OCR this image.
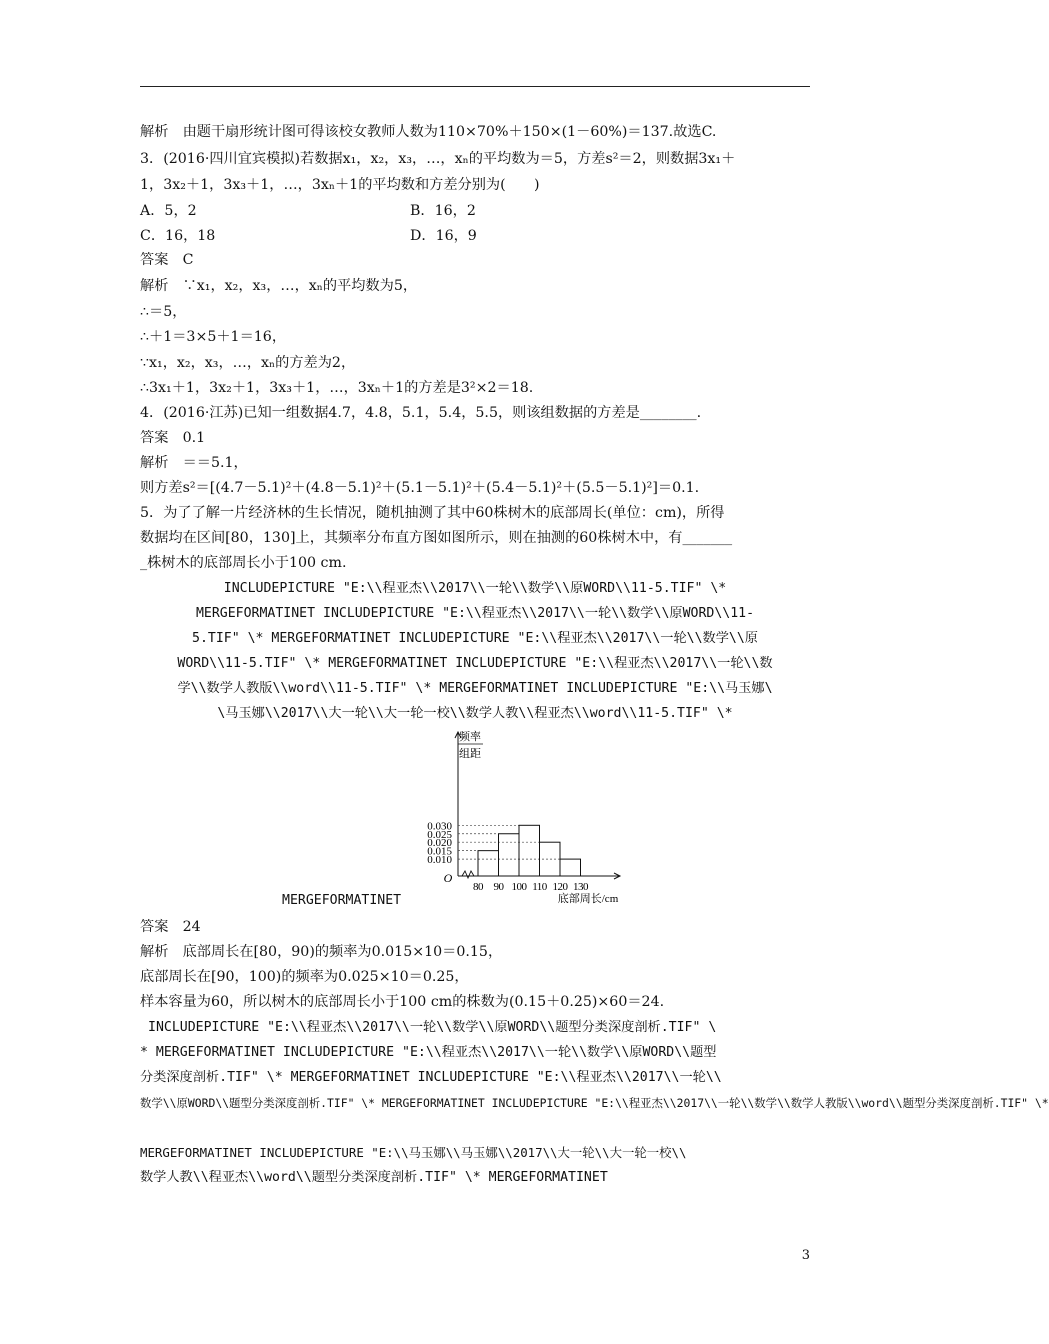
解析　由题干扇形统计图可得该校女教师人数为110×70%＋150×(1－60%)＝137.故选C.
3．(2016·四川宜宾模拟)若数据x₁，x₂，x₃，…，xₙ的平均数为＝5，方差s²＝2，则数据3x₁＋
1，3x₂＋1，3x₃＋1，…，3xₙ＋1的平均数和方差分别为(　　)
A．5，2	B．16，2
C．16，18	D．16，9
答案　C
解析　∵x₁，x₂，x₃，…，xₙ的平均数为5，
∴＝5，
∴＋1＝3×5＋1＝16，
∵x₁，x₂，x₃，…，xₙ的方差为2，
∴3x₁＋1，3x₂＋1，3x₃＋1，…，3xₙ＋1的方差是3²×2＝18.
4．(2016·江苏)已知一组数据4.7，4.8，5.1，5.4，5.5，则该组数据的方差是________.
答案　0.1
解析　＝＝5.1，
则方差s²＝[(4.7－5.1)²＋(4.8－5.1)²＋(5.1－5.1)²＋(5.4－5.1)²＋(5.5－5.1)²]＝0.1.
5．为了了解一片经济林的生长情况，随机抽测了其中60株树木的底部周长(单位：cm)，所得
数据均在区间[80，130]上，其频率分布直方图如图所示，则在抽测的60株树木中，有_______
_株树木的底部周长小于100 cm.
INCLUDEPICTURE "E:\\程亚杰\\2017\\一轮\\数学\\原WORD\\11-5.TIF" \*
MERGEFORMATINET INCLUDEPICTURE "E:\\程亚杰\\2017\\一轮\\数学\\原WORD\\11-
5.TIF" \* MERGEFORMATINET INCLUDEPICTURE "E:\\程亚杰\\2017\\一轮\\数学\\原
WORD\\11-5.TIF" \* MERGEFORMATINET INCLUDEPICTURE "E:\\程亚杰\\2017\\一轮\\数
学\\数学人教版\\word\\11-5.TIF" \* MERGEFORMATINET INCLUDEPICTURE "E:\\马玉娜\
\马玉娜\\2017\\大一轮\\大一轮一校\\数学人教\\程亚杰\\word\\11-5.TIF" \*
频率
组距
0.010
0.015
0.020
0.025
0.030
80 90 100 110 120 130
O
底部周长/cm
MERGEFORMATINET
答案　24
解析　底部周长在[80，90)的频率为0.015×10＝0.15，
底部周长在[90，100)的频率为0.025×10＝0.25，
样本容量为60，所以树木的底部周长小于100 cm的株数为(0.15＋0.25)×60＝24.
INCLUDEPICTURE "E:\\程亚杰\\2017\\一轮\\数学\\原WORD\\题型分类深度剖析.TIF" \
* MERGEFORMATINET INCLUDEPICTURE "E:\\程亚杰\\2017\\一轮\\数学\\原WORD\\题型
分类深度剖析.TIF" \* MERGEFORMATINET INCLUDEPICTURE "E:\\程亚杰\\2017\\一轮\\
数学\\原WORD\\题型分类深度剖析.TIF" \* MERGEFORMATINET INCLUDEPICTURE "E:\\程亚杰\\2017\\一轮\\数学\\数学人教版\\word\\题型分类深度剖析.TIF" \*
MERGEFORMATINET INCLUDEPICTURE "E:\\马玉娜\\马玉娜\\2017\\大一轮\\大一轮一校\\
数学人教\\程亚杰\\word\\题型分类深度剖析.TIF" \* MERGEFORMATINET
3
